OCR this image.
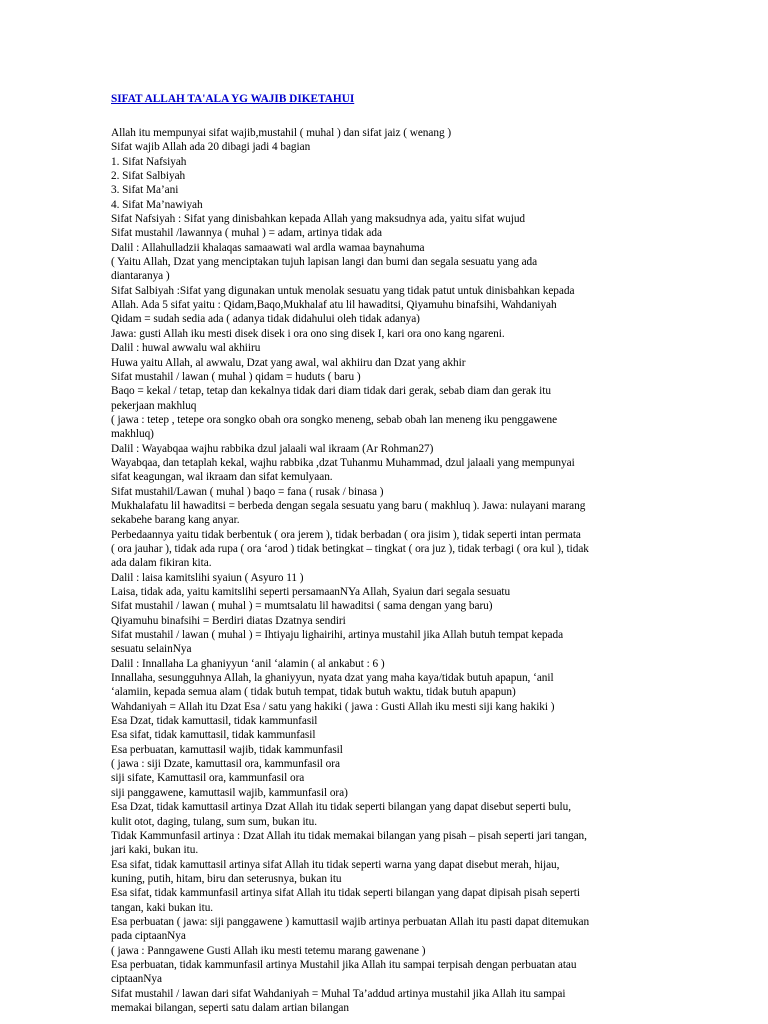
SIFAT ALLAH TA'ALA YG WAJIB DIKETAHUI
Allah itu mempunyai sifat wajib,mustahil ( muhal ) dan sifat jaiz ( wenang )
Sifat wajib Allah ada 20 dibagi jadi 4 bagian
1. Sifat Nafsiyah
2. Sifat Salbiyah
3. Sifat Ma’ani
4. Sifat Ma’nawiyah
Sifat Nafsiyah : Sifat yang dinisbahkan kepada Allah yang maksudnya ada, yaitu sifat wujud
Sifat mustahil /lawannya ( muhal ) = adam, artinya tidak ada
Dalil : Allahulladzii khalaqas samaawati wal ardla wamaa baynahuma
( Yaitu Allah, Dzat yang menciptakan tujuh lapisan langi dan bumi dan segala sesuatu yang ada
diantaranya )
Sifat Salbiyah :Sifat yang digunakan untuk menolak sesuatu yang tidak patut untuk dinisbahkan kepada
Allah. Ada 5 sifat yaitu : Qidam,Baqo,Mukhalaf atu lil hawaditsi, Qiyamuhu binafsihi, Wahdaniyah
Qidam = sudah sedia ada ( adanya tidak didahului oleh tidak adanya)
Jawa: gusti Allah iku mesti disek disek i ora ono sing disek I, kari ora ono kang ngareni.
Dalil : huwal awwalu wal akhiiru
Huwa yaitu Allah, al awwalu, Dzat yang awal, wal akhiiru dan Dzat yang akhir
Sifat mustahil / lawan ( muhal ) qidam = huduts ( baru )
Baqo = kekal / tetap, tetap dan kekalnya tidak dari diam tidak dari gerak, sebab diam dan gerak itu
pekerjaan makhluq
( jawa : tetep , tetepe ora songko obah ora songko meneng, sebab obah lan meneng iku penggawene
makhluq)
Dalil : Wayabqaa wajhu rabbika dzul jalaali wal ikraam (Ar Rohman27)
Wayabqaa, dan tetaplah kekal, wajhu rabbika ,dzat Tuhanmu Muhammad, dzul jalaali yang mempunyai
sifat keagungan, wal ikraam dan sifat kemulyaan.
Sifat mustahil/Lawan ( muhal ) baqo = fana ( rusak / binasa )
Mukhalafatu lil hawaditsi = berbeda dengan segala sesuatu yang baru ( makhluq ). Jawa: nulayani marang
sekabehe barang kang anyar.
Perbedaannya yaitu tidak berbentuk ( ora jerem ), tidak berbadan ( ora jisim ), tidak seperti intan permata
( ora jauhar ), tidak ada rupa ( ora ‘arod ) tidak betingkat – tingkat ( ora juz ), tidak terbagi ( ora kul ), tidak
ada dalam fikiran kita.
Dalil : laisa kamitslihi syaiun ( Asyuro 11 )
Laisa, tidak ada, yaitu kamitslihi seperti persamaanNYa Allah, Syaiun dari segala sesuatu
Sifat mustahil / lawan ( muhal ) = mumtsalatu lil hawaditsi ( sama dengan yang baru)
Qiyamuhu binafsihi = Berdiri diatas Dzatnya sendiri
Sifat mustahil / lawan ( muhal ) = Ihtiyaju lighairihi, artinya mustahil jika Allah butuh tempat kepada
sesuatu selainNya
Dalil : Innallaha La ghaniyyun ‘anil ‘alamin ( al ankabut : 6 )
Innallaha, sesungguhnya Allah, la ghaniyyun, nyata dzat yang maha kaya/tidak butuh apapun, ‘anil
‘alamiin, kepada semua alam ( tidak butuh tempat, tidak butuh waktu, tidak butuh apapun)
Wahdaniyah = Allah itu Dzat Esa / satu yang hakiki ( jawa : Gusti Allah iku mesti siji kang hakiki )
Esa Dzat, tidak kamuttasil, tidak kammunfasil
Esa sifat, tidak kamuttasil, tidak kammunfasil
Esa perbuatan, kamuttasil wajib, tidak kammunfasil
( jawa : siji Dzate, kamuttasil ora, kammunfasil ora
siji sifate, Kamuttasil ora, kammunfasil ora
siji panggawene, kamuttasil wajib, kammunfasil ora)
Esa Dzat, tidak kamuttasil artinya Dzat Allah itu tidak seperti bilangan yang dapat disebut seperti bulu,
kulit otot, daging, tulang, sum sum, bukan itu.
Tidak Kammunfasil artinya : Dzat Allah itu tidak memakai bilangan yang pisah – pisah seperti jari tangan,
jari kaki, bukan itu.
Esa sifat, tidak kamuttasil artinya sifat Allah itu tidak seperti warna yang dapat disebut merah, hijau,
kuning, putih, hitam, biru dan seterusnya, bukan itu
Esa sifat, tidak kammunfasil artinya sifat Allah itu tidak seperti bilangan yang dapat dipisah pisah seperti
tangan, kaki bukan itu.
Esa perbuatan ( jawa: siji panggawene ) kamuttasil wajib artinya perbuatan Allah itu pasti dapat ditemukan
pada ciptaanNya
( jawa : Panngawene Gusti Allah iku mesti tetemu marang gawenane )
Esa perbuatan, tidak kammunfasil artinya Mustahil jika Allah itu sampai terpisah dengan perbuatan atau
ciptaanNya
Sifat mustahil / lawan dari sifat Wahdaniyah = Muhal Ta’addud artinya mustahil jika Allah itu sampai
memakai bilangan, seperti satu dalam artian bilangan
